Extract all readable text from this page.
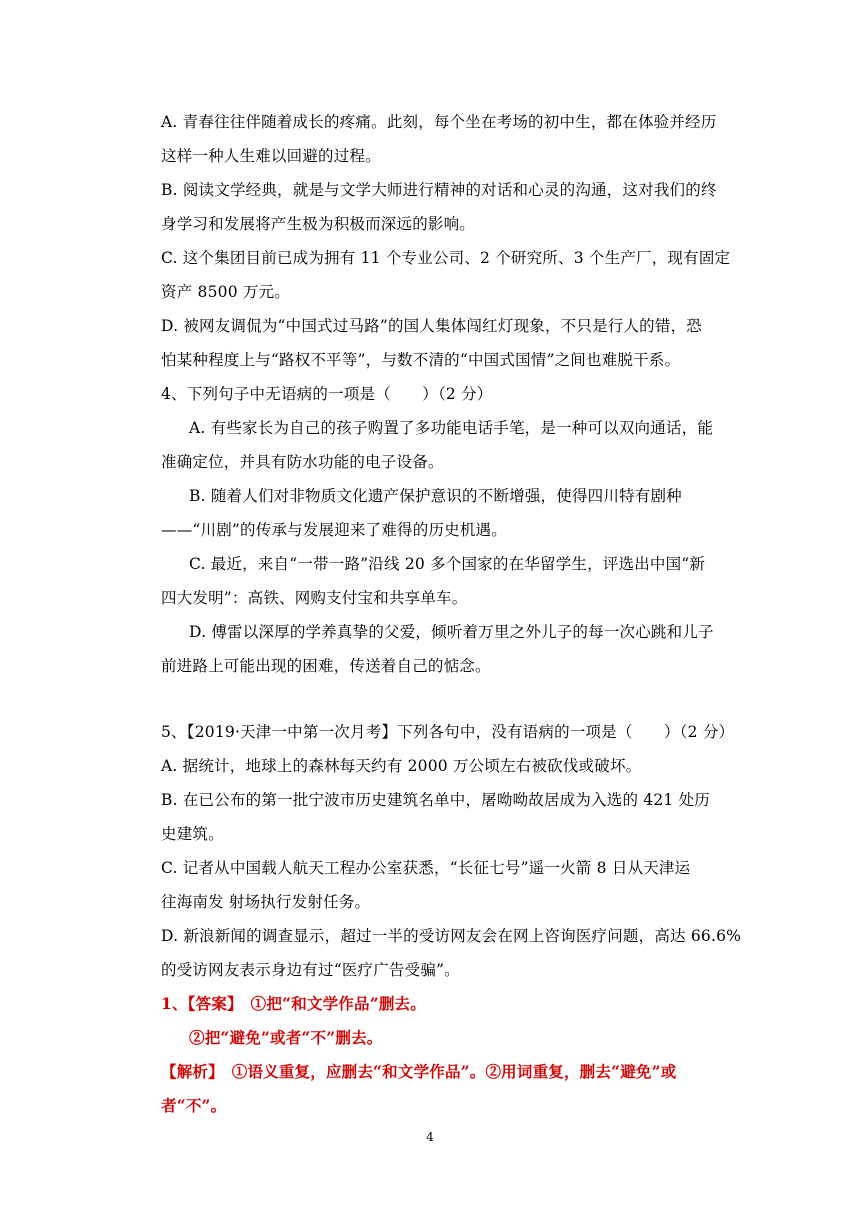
A. 青春往往伴随着成长的疼痛。此刻，每个坐在考场的初中生，都在体验并经历
这样一种人生难以回避的过程。
B. 阅读文学经典，就是与文学大师进行精神的对话和心灵的沟通，这对我们的终
身学习和发展将产生极为积极而深远的影响。
C. 这个集团目前已成为拥有 11 个专业公司、2 个研究所、3 个生产厂，现有固定
资产 8500 万元。
D. 被网友调侃为“中国式过马路”的国人集体闯红灯现象，不只是行人的错，恐
怕某种程度上与“路权不平等”，与数不清的“中国式国情”之间也难脱干系。
4、下列句子中无语病的一项是（　　）（2 分）
A. 有些家长为自己的孩子购置了多功能电话手笔，是一种可以双向通话，能
准确定位，并具有防水功能的电子设备。
B. 随着人们对非物质文化遗产保护意识的不断增强，使得四川特有剧种
——“川剧”的传承与发展迎来了难得的历史机遇。
C. 最近，来自“一带一路”沿线 20 多个国家的在华留学生，评选出中国“新
四大发明”：高铁、网购支付宝和共享单车。
D. 傅雷以深厚的学养真挚的父爱，倾听着万里之外儿子的每一次心跳和儿子
前进路上可能出现的困难，传送着自己的惦念。
5、【2019·天津一中第一次月考】下列各句中，没有语病的一项是（　　）（2 分）
A. 据统计，地球上的森林每天约有 2000 万公顷左右被砍伐或破坏。
B. 在已公布的第一批宁波市历史建筑名单中，屠呦呦故居成为入选的 421 处历
史建筑。
C. 记者从中国载人航天工程办公室获悉，“长征七号”遥一火箭 8 日从天津运
往海南发 射场执行发射任务。
D. 新浪新闻的调查显示，超过一半的受访网友会在网上咨询医疗问题，高达 66.6%
的受访网友表示身边有过“医疗广告受骗”。
1、【答案】　①把“和文学作品”删去。
②把“避免”或者“不”删去。
【解析】　①语义重复，应删去“和文学作品”。②用词重复，删去“避免”或
者“不”。
4
